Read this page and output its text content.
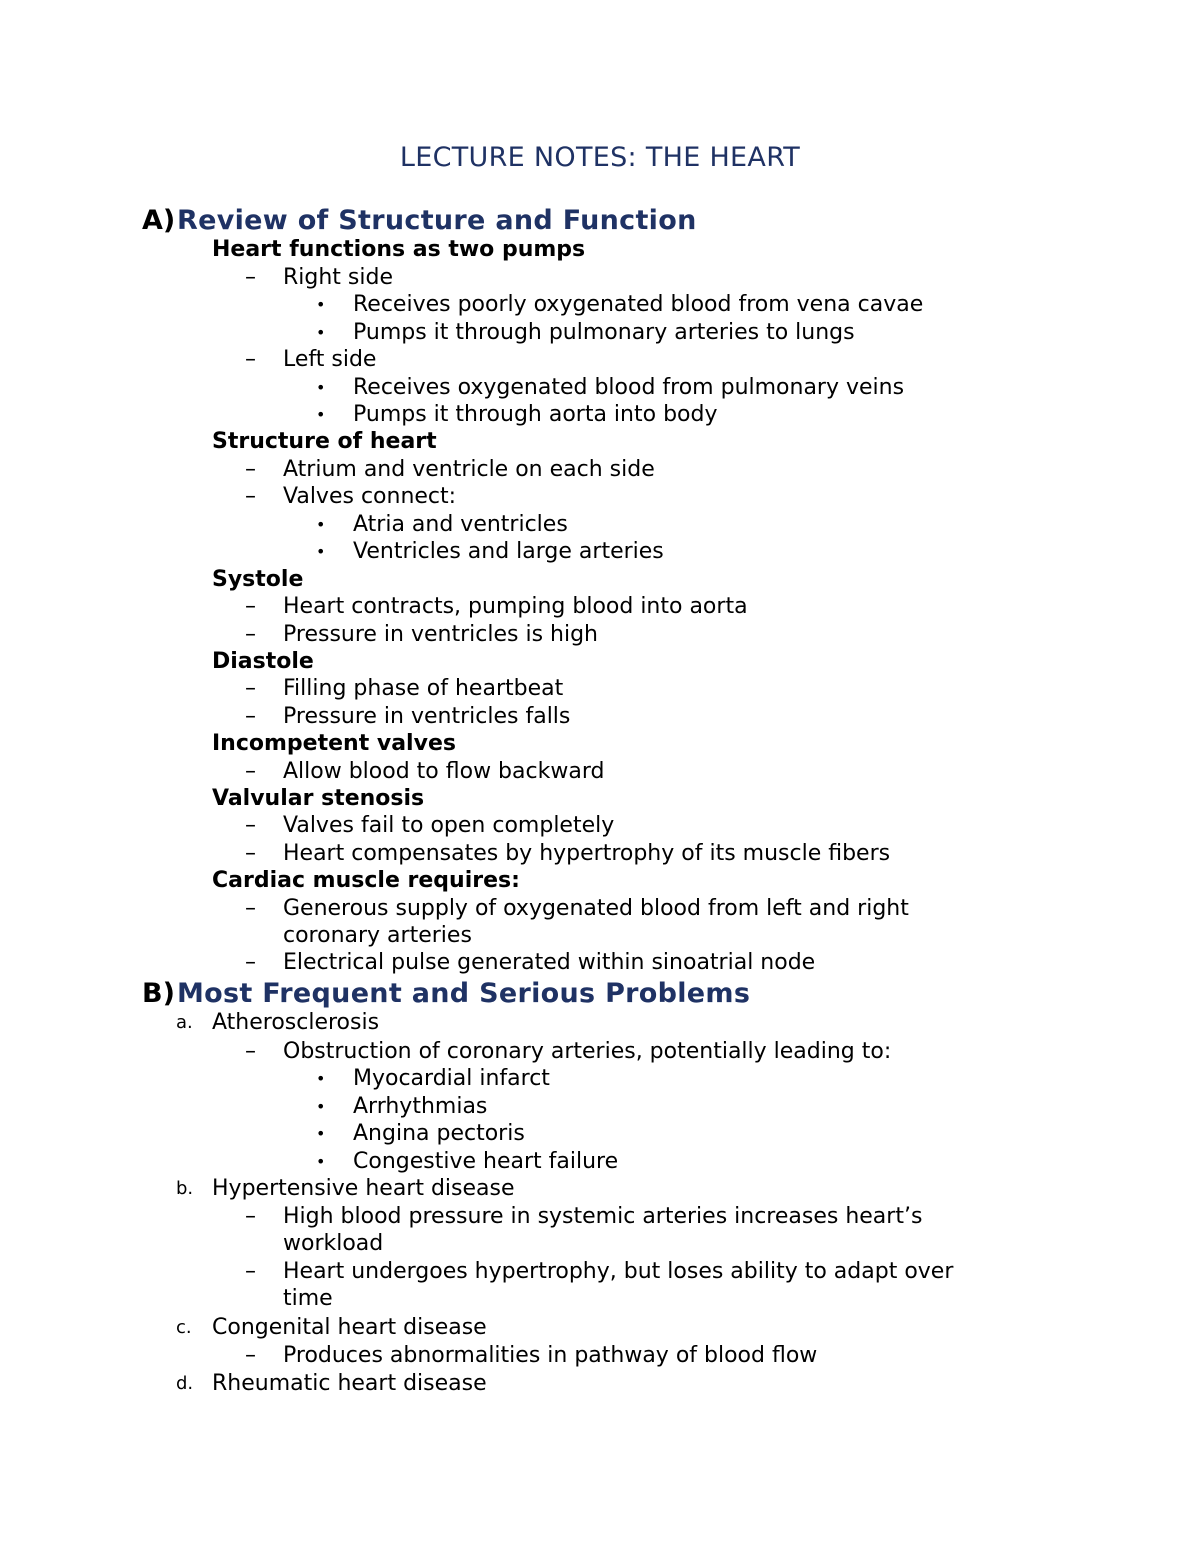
LECTURE NOTES: THE HEART
A)Review of Structure and Function
Heart functions as two pumps
– Right side
• Receives poorly oxygenated blood from vena cavae
• Pumps it through pulmonary arteries to lungs
– Left side
• Receives oxygenated blood from pulmonary veins
• Pumps it through aorta into body
Structure of heart
– Atrium and ventricle on each side
– Valves connect:
• Atria and ventricles
• Ventricles and large arteries
Systole
– Heart contracts, pumping blood into aorta
– Pressure in ventricles is high
Diastole
– Filling phase of heartbeat
– Pressure in ventricles falls
Incompetent valves
– Allow blood to flow backward
Valvular stenosis
– Valves fail to open completely
– Heart compensates by hypertrophy of its muscle fibers
Cardiac muscle requires:
– Generous supply of oxygenated blood from left and right
coronary arteries
– Electrical pulse generated within sinoatrial node
B)Most Frequent and Serious Problems
a. Atherosclerosis
– Obstruction of coronary arteries, potentially leading to:
• Myocardial infarct
• Arrhythmias
• Angina pectoris
• Congestive heart failure
b. Hypertensive heart disease
– High blood pressure in systemic arteries increases heart’s
workload
– Heart undergoes hypertrophy, but loses ability to adapt over
time
c. Congenital heart disease
– Produces abnormalities in pathway of blood flow
d. Rheumatic heart disease
